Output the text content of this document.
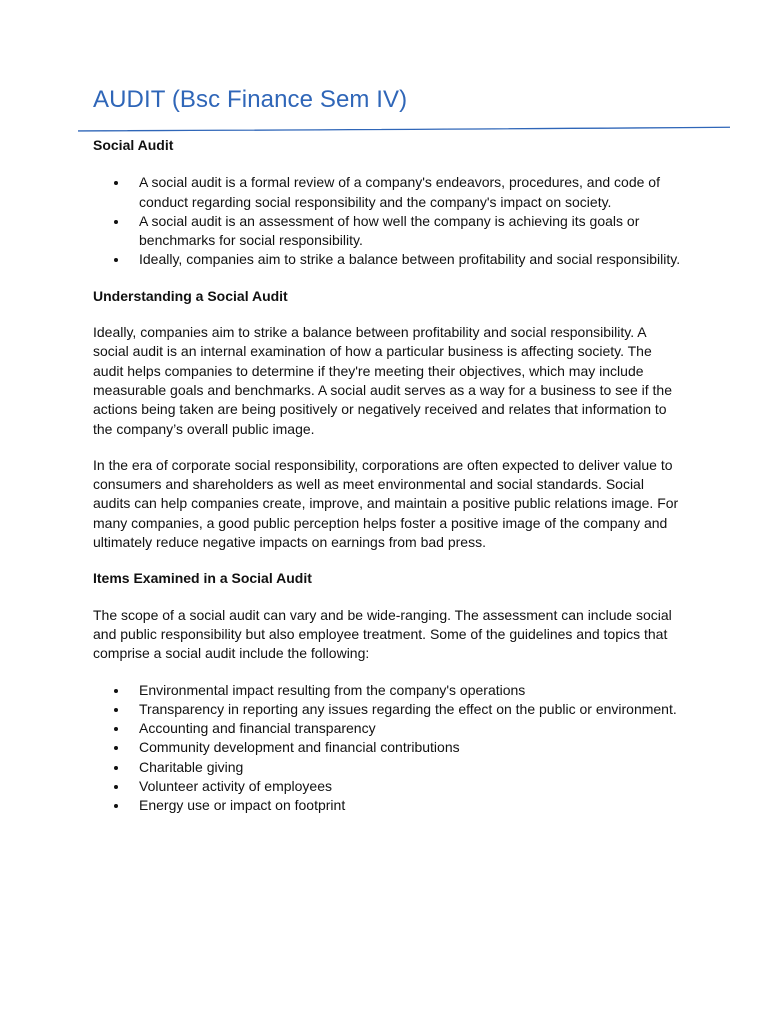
AUDIT (Bsc Finance Sem IV)
Social Audit
A social audit is a formal review of a company's endeavors, procedures, and code of conduct regarding social responsibility and the company's impact on society.
A social audit is an assessment of how well the company is achieving its goals or benchmarks for social responsibility.
Ideally, companies aim to strike a balance between profitability and social responsibility.
Understanding a Social Audit

Ideally, companies aim to strike a balance between profitability and social responsibility. A social audit is an internal examination of how a particular business is affecting society. The audit helps companies to determine if they're meeting their objectives, which may include measurable goals and benchmarks. A social audit serves as a way for a business to see if the actions being taken are being positively or negatively received and relates that information to the company’s overall public image.

In the era of corporate social responsibility, corporations are often expected to deliver value to consumers and shareholders as well as meet environmental and social standards. Social audits can help companies create, improve, and maintain a positive public relations image. For many companies, a good public perception helps foster a positive image of the company and ultimately reduce negative impacts on earnings from bad press.

Items Examined in a Social Audit

The scope of a social audit can vary and be wide-ranging. The assessment can include social and public responsibility but also employee treatment. Some of the guidelines and topics that comprise a social audit include the following:

Environmental impact resulting from the company's operations
Transparency in reporting any issues regarding the effect on the public or environment.
Accounting and financial transparency
Community development and financial contributions
Charitable giving
Volunteer activity of employees
Energy use or impact on footprint
